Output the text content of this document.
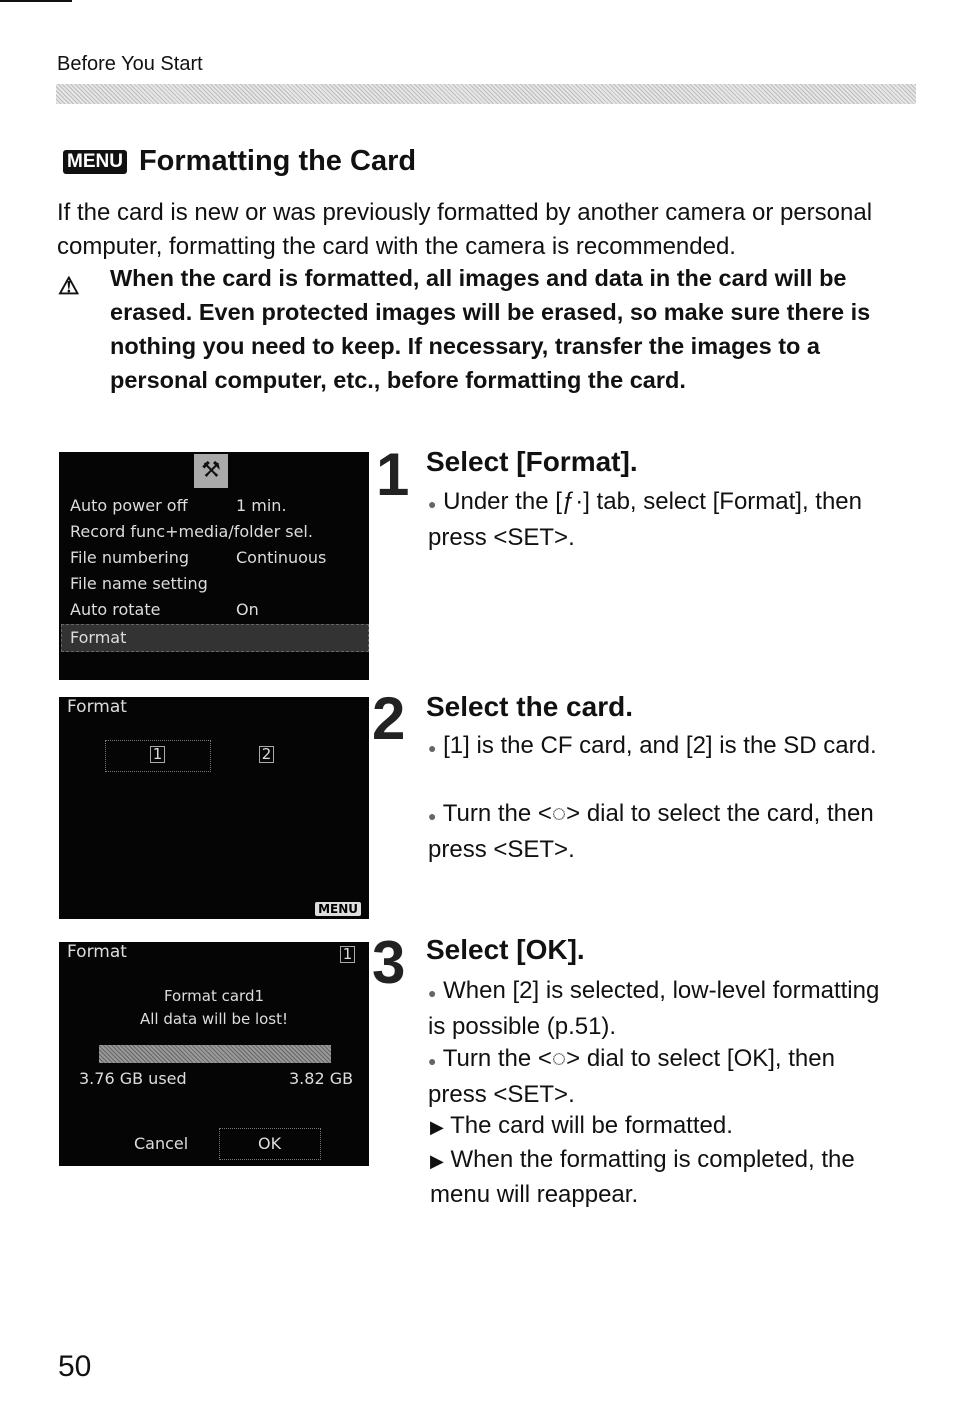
Before You Start
MENU Formatting the Card
If the card is new or was previously formatted by another camera or personal computer, formatting the card with the camera is recommended.
⚠ When the card is formatted, all images and data in the card will be erased. Even protected images will be erased, so make sure there is nothing you need to keep. If necessary, transfer the images to a personal computer, etc., before formatting the card.
⚒
Auto power off	1 min.
Record func+media/folder sel.
File numbering	Continuous
File name setting
Auto rotate	On
Format
Format
1	2
MENU
Format	1
Format card1
All data will be lost!
3.76 GB used	3.82 GB
Cancel	OK
1 Select [Format].
● Under the [ƒ·] tab, select [Format], then press <SET>.
2 Select the card.
● [1] is the CF card, and [2] is the SD card.
● Turn the <◌> dial to select the card, then press <SET>.
3 Select [OK].
● When [2] is selected, low-level formatting is possible (p.51).
● Turn the <◌> dial to select [OK], then press <SET>.
▶ The card will be formatted.
▶ When the formatting is completed, the menu will reappear.
50
